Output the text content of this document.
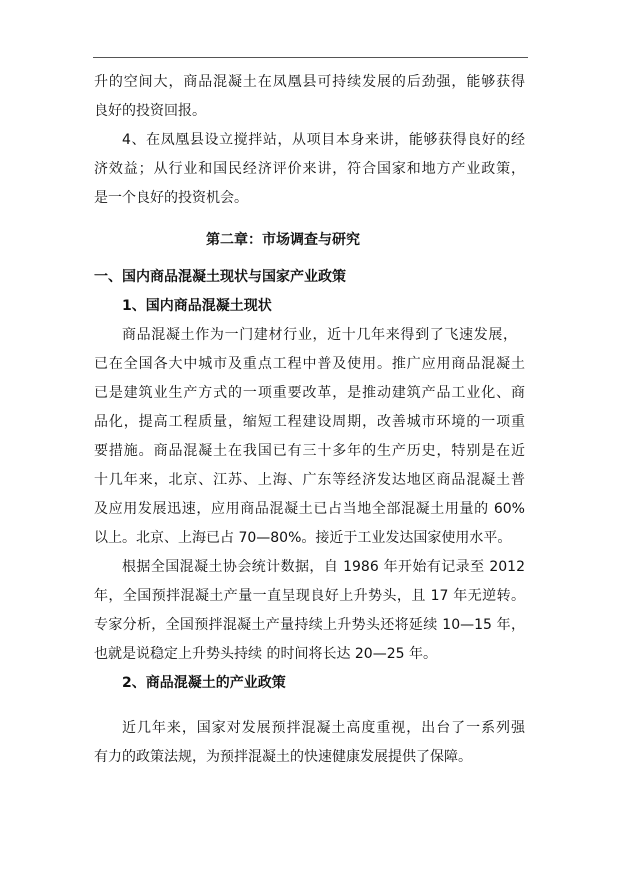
升的空间大，商品混凝土在凤凰县可持续发展的后劲强，能够获得
良好的投资回报。
4、在凤凰县设立搅拌站，从项目本身来讲，能够获得良好的经
济效益；从行业和国民经济评价来讲，符合国家和地方产业政策，
是一个良好的投资机会。
第二章：市场调查与研究
一、国内商品混凝土现状与国家产业政策
1、国内商品混凝土现状
商品混凝土作为一门建材行业，近十几年来得到了飞速发展，
已在全国各大中城市及重点工程中普及使用。推广应用商品混凝土
已是建筑业生产方式的一项重要改革，是推动建筑产品工业化、商
品化，提高工程质量，缩短工程建设周期，改善城市环境的一项重
要措施。商品混凝土在我国已有三十多年的生产历史，特别是在近
十几年来，北京、江苏、上海、广东等经济发达地区商品混凝土普
及应用发展迅速，应用商品混凝土已占当地全部混凝土用量的 60%
以上。北京、上海已占 70—80%。接近于工业发达国家使用水平。
根据全国混凝土协会统计数据，自 1986 年开始有记录至 2012
年，全国预拌混凝土产量一直呈现良好上升势头，且 17 年无逆转。
专家分析，全国预拌混凝土产量持续上升势头还将延续 10—15 年，
也就是说稳定上升势头持续 的时间将长达 20—25 年。
2、商品混凝土的产业政策
近几年来，国家对发展预拌混凝土高度重视，出台了一系列强
有力的政策法规，为预拌混凝土的快速健康发展提供了保障。
